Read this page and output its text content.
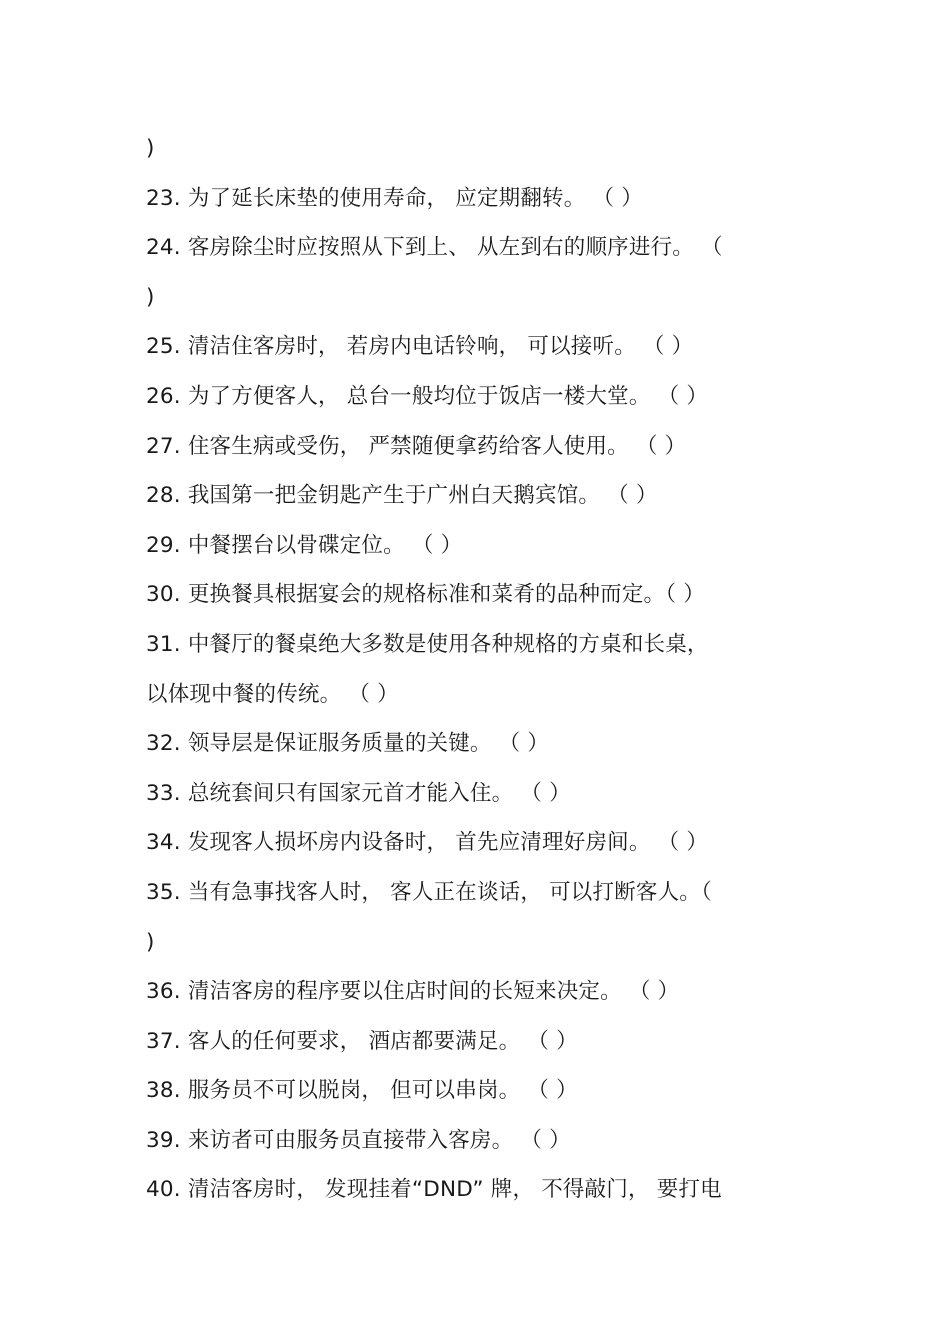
)
23. 为了延长床垫的使用寿命， 应定期翻转。 （ ）
24. 客房除尘时应按照从下到上、 从左到右的顺序进行。 （
)
25. 清洁住客房时， 若房内电话铃响， 可以接听。 （ ）
26. 为了方便客人， 总台一般均位于饭店一楼大堂。 （ ）
27. 住客生病或受伤， 严禁随便拿药给客人使用。 （ ）
28. 我国第一把金钥匙产生于广州白天鹅宾馆。 （ ）
29. 中餐摆台以骨碟定位。 （ ）
30. 更换餐具根据宴会的规格标准和菜肴的品种而定。（ ）
31. 中餐厅的餐桌绝大多数是使用各种规格的方桌和长桌，
以体现中餐的传统。 （ ）
32. 领导层是保证服务质量的关键。 （ ）
33. 总统套间只有国家元首才能入住。 （ ）
34. 发现客人损坏房内设备时， 首先应清理好房间。 （ ）
35. 当有急事找客人时， 客人正在谈话， 可以打断客人。（
)
36. 清洁客房的程序要以住店时间的长短来决定。 （ ）
37. 客人的任何要求， 酒店都要满足。 （ ）
38. 服务员不可以脱岗， 但可以串岗。 （ ）
39. 来访者可由服务员直接带入客房。 （ ）
40. 清洁客房时， 发现挂着“DND” 牌， 不得敲门， 要打电
